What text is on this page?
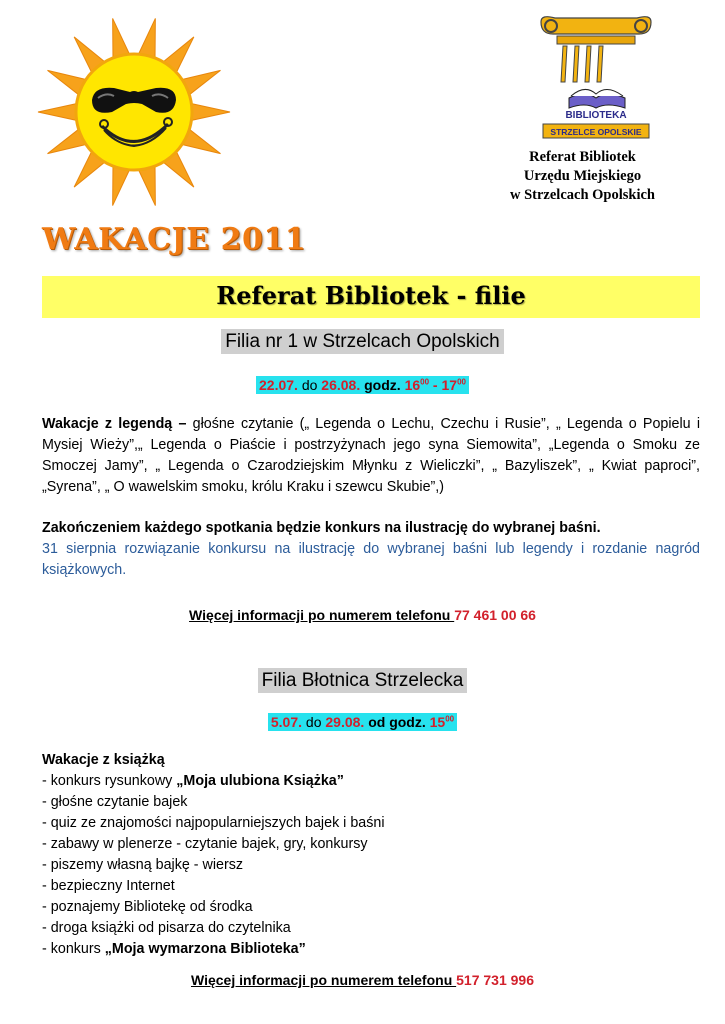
BIBLIOTEKA
STRZELCE OPOLSKIE
Referat Bibliotek
Urzędu Miejskiego
w Strzelcach Opolskich
WAKACJE 2011
Referat Bibliotek - filie
Filia nr 1 w Strzelcach Opolskich
22.07. do 26.08. godz. $16^{00} - 17^{00}$
Wakacje z legendą – głośne czytanie („ Legenda o Lechu, Czechu i Rusie”, „ Legenda o Popielu i Mysiej Wieży”,„ Legenda o Piaście i postrzyżynach jego syna Siemowita”, „Legenda o Smoku ze Smoczej Jamy”, „ Legenda o Czarodziejskim Młynku z Wieliczki”, „ Bazyliszek”, „ Kwiat paproci”, „Syrena”, „ O wawelskim smoku, królu Kraku i szewcu Skubie”,)
Zakończeniem każdego spotkania będzie konkurs na ilustrację do wybranej baśni.
31 sierpnia rozwiązanie konkursu na ilustrację do wybranej baśni lub legendy i rozdanie nagród książkowych.
Więcej informacji po numerem telefonu 77 461 00 66
Filia Błotnica Strzelecka
5.07. do 29.08. od godz. $15^{00}$
Wakacje z książką
- konkurs rysunkowy „Moja ulubiona Książka”
- głośne czytanie bajek
- quiz ze znajomości najpopularniejszych bajek i baśni
- zabawy w plenerze - czytanie bajek, gry, konkursy
- piszemy własną bajkę - wiersz
- bezpieczny Internet
- poznajemy Bibliotekę od środka
- droga książki od pisarza do czytelnika
- konkurs „Moja wymarzona Biblioteka”
Więcej informacji po numerem telefonu 517 731 996
